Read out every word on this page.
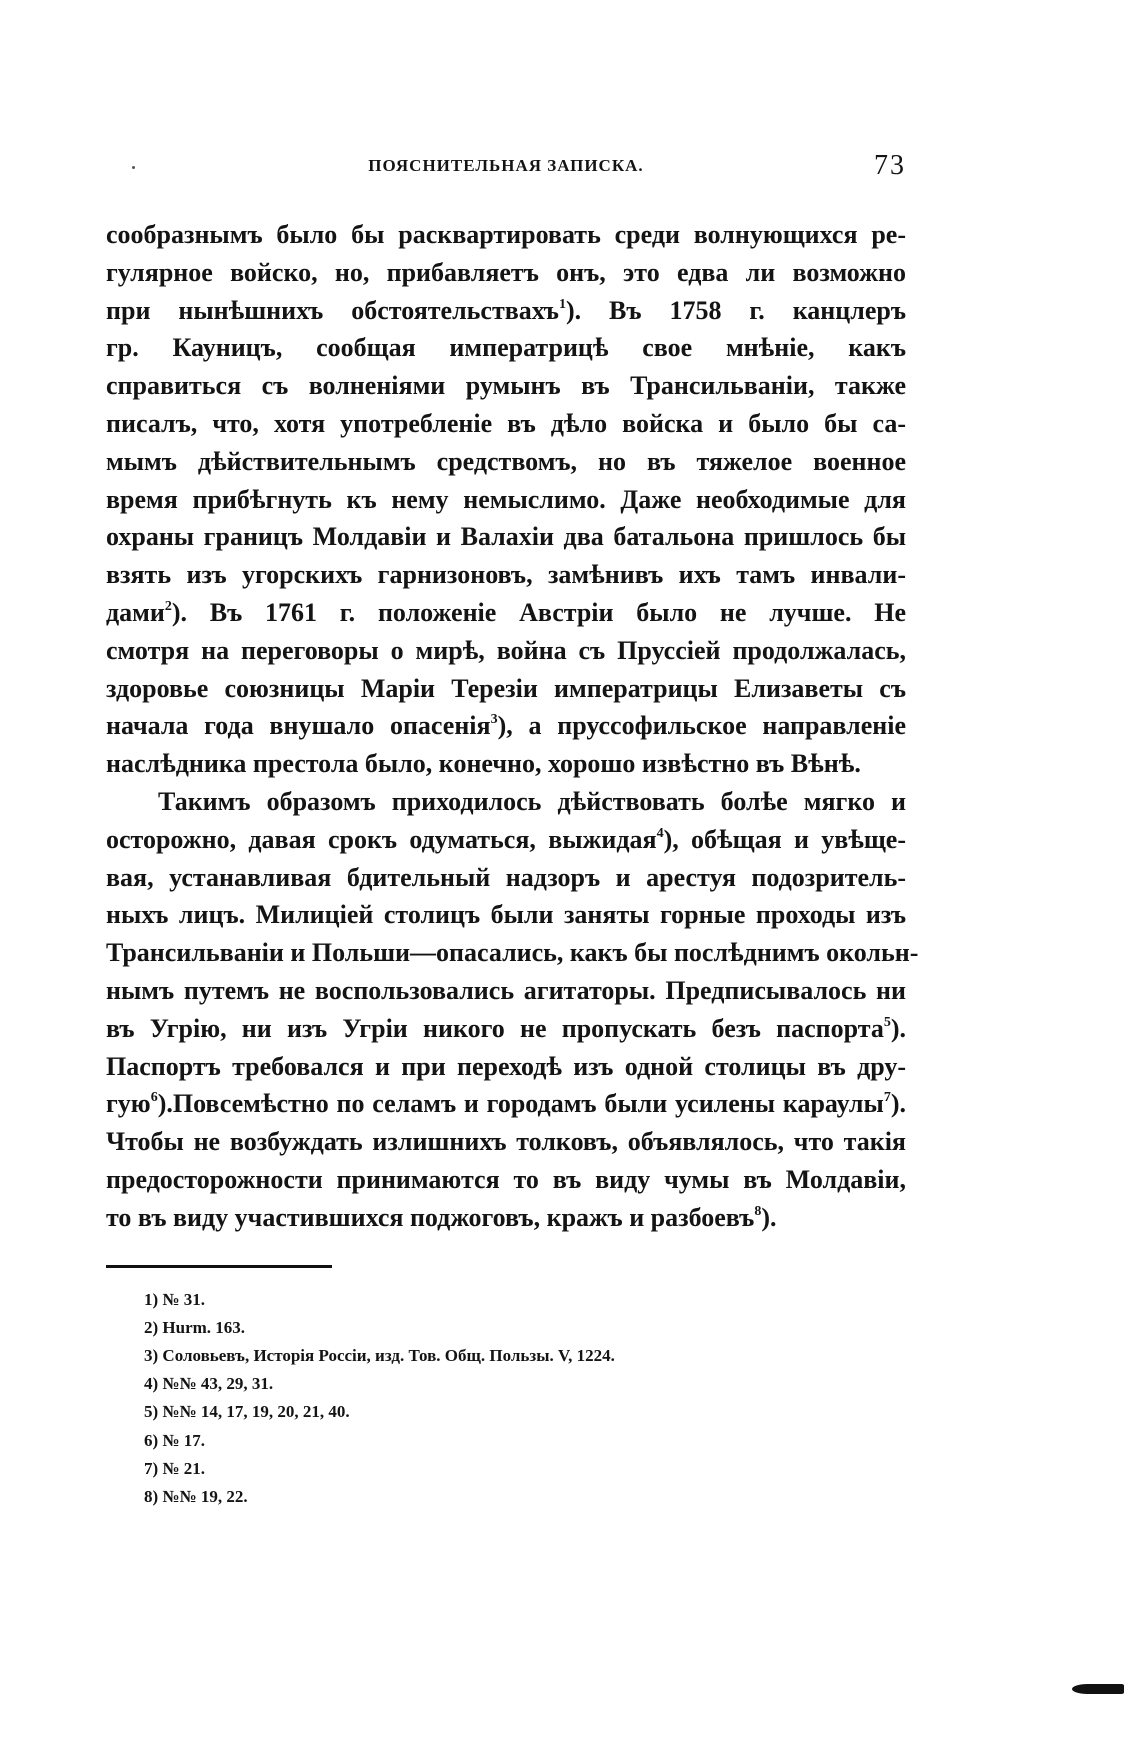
ПОЯСНИТЕЛЬНАЯ ЗАПИСКА.	73
сообразнымъ было бы расквартировать среди волнующихся ре-
гулярное войско, но, прибавляетъ онъ, это едва ли возможно
при нынѣшнихъ обстоятельствахъ$^1$). Въ 1758 г. канцлеръ
гр. Кауницъ, сообщая императрицѣ свое мнѣніе, какъ
справиться съ волненіями румынъ въ Трансильваніи, также
писалъ, что, хотя употребленіе въ дѣло войска и было бы са-
мымъ дѣйствительнымъ средствомъ, но въ тяжелое военное
время прибѣгнуть къ нему немыслимо. Даже необходимые для
охраны границъ Молдавіи и Валахіи два батальона пришлось бы
взять изъ угорскихъ гарнизоновъ, замѣнивъ ихъ тамъ инвали-
дами$^2$). Въ 1761 г. положеніе Австріи было не лучше. Не
смотря на переговоры о мирѣ, война съ Пруссіей продолжалась,
здоровье союзницы Маріи Терезіи императрицы Елизаветы съ
начала года внушало опасенія$^3$), а пруссофильское направленіе
наслѣдника престола было, конечно, хорошо извѣстно въ Вѣнѣ.
Такимъ образомъ приходилось дѣйствовать болѣе мягко и
осторожно, давая срокъ одуматься, выжидая$^4$), обѣщая и увѣще-
вая, устанавливая бдительный надзоръ и арестуя подозритель-
ныхъ лицъ. Милиціей столицъ были заняты горные проходы изъ
Трансильваніи и Польши—опасались, какъ бы послѣднимъ окольн-
нымъ путемъ не воспользовались агитаторы. Предписывалось ни
въ Угрію, ни изъ Угріи никого не пропускать безъ паспорта$^5$).
Паспортъ требовался и при переходѣ изъ одной столицы въ дру-
гую$^6$).Повсемѣстно по селамъ и городамъ были усилены караулы$^7$).
Чтобы не возбуждать излишнихъ толковъ, объявлялось, что такія
предосторожности принимаются то въ виду чумы въ Молдавіи,
то въ виду участившихся поджоговъ, кражъ и разбоевъ$^8$).
1) № 31.
2) Hurm. 163.
3) Соловьевъ, Исторія Россіи, изд. Тов. Общ. Пользы. V, 1224.
4) №№ 43, 29, 31.
5) №№ 14, 17, 19, 20, 21, 40.
6) № 17.
7) № 21.
8) №№ 19, 22.
